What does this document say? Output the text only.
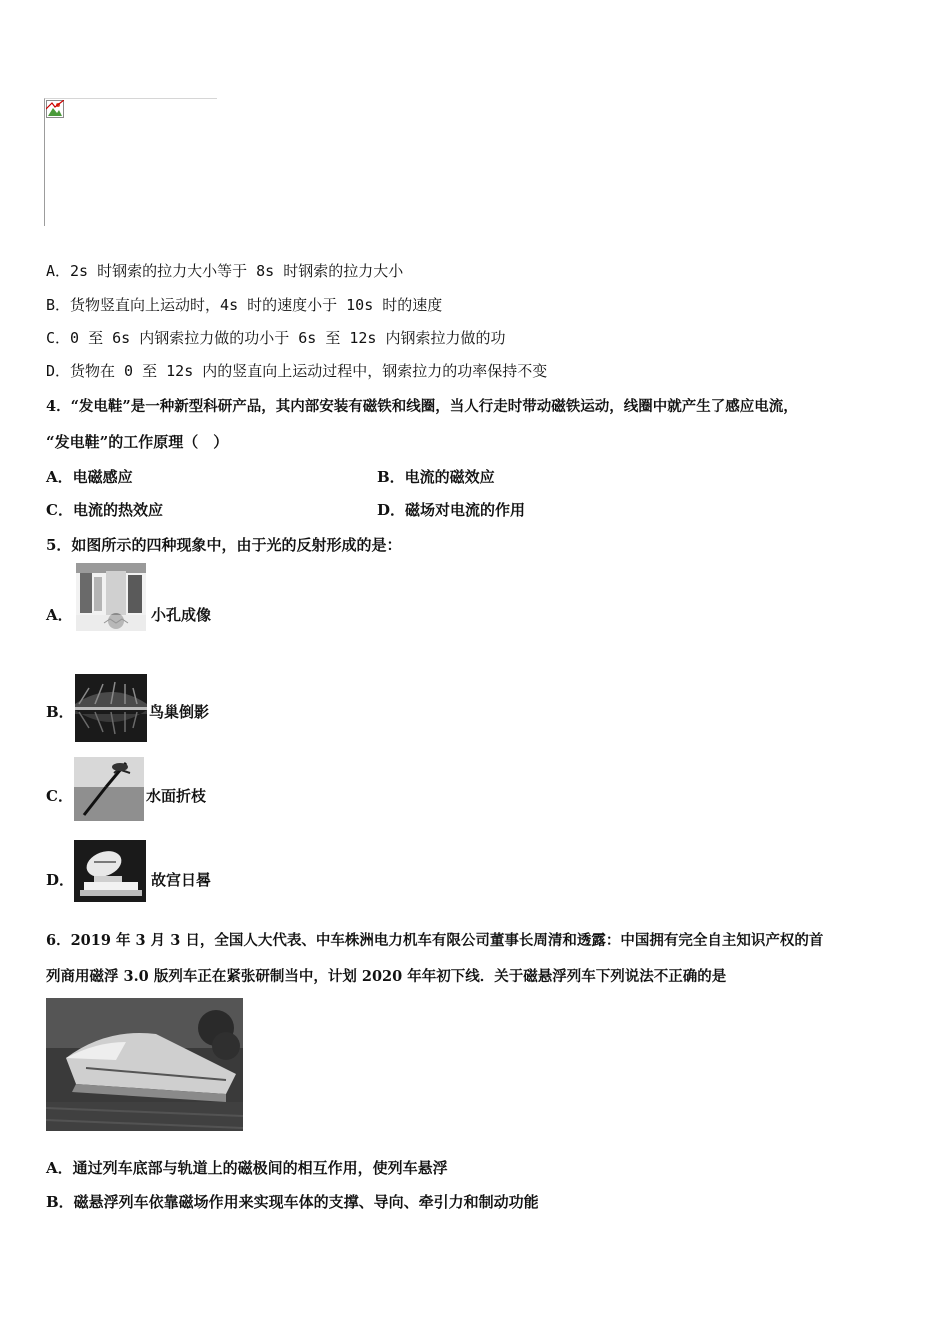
A．2s 时钢索的拉力大小等于 8s 时钢索的拉力大小
B．货物竖直向上运动时，4s 时的速度小于 10s 时的速度
C．0 至 6s 内钢索拉力做的功小于 6s 至 12s 内钢索拉力做的功
D．货物在 0 至 12s 内的竖直向上运动过程中，钢索拉力的功率保持不变
4．“发电鞋”是一种新型科研产品，其内部安装有磁铁和线圈，当人行走时带动磁铁运动，线圈中就产生了感应电流，
“发电鞋”的工作原理（　）
A．电磁感应	B．电流的磁效应
C．电流的热效应	D．磁场对电流的作用
5．如图所示的四种现象中，由于光的反射形成的是：
A．	小孔成像
B．	鸟巢倒影
C．	水面折枝
D．	故宫日晷
6．2019 年 3 月 3 日，全国人大代表、中车株洲电力机车有限公司董事长周清和透露：中国拥有完全自主知识产权的首
列商用磁浮 3.0 版列车正在紧张研制当中，计划 2020 年年初下线．关于磁悬浮列车下列说法不正确的是
A．通过列车底部与轨道上的磁极间的相互作用，使列车悬浮
B．磁悬浮列车依靠磁场作用来实现车体的支撑、导向、牵引力和制动功能
